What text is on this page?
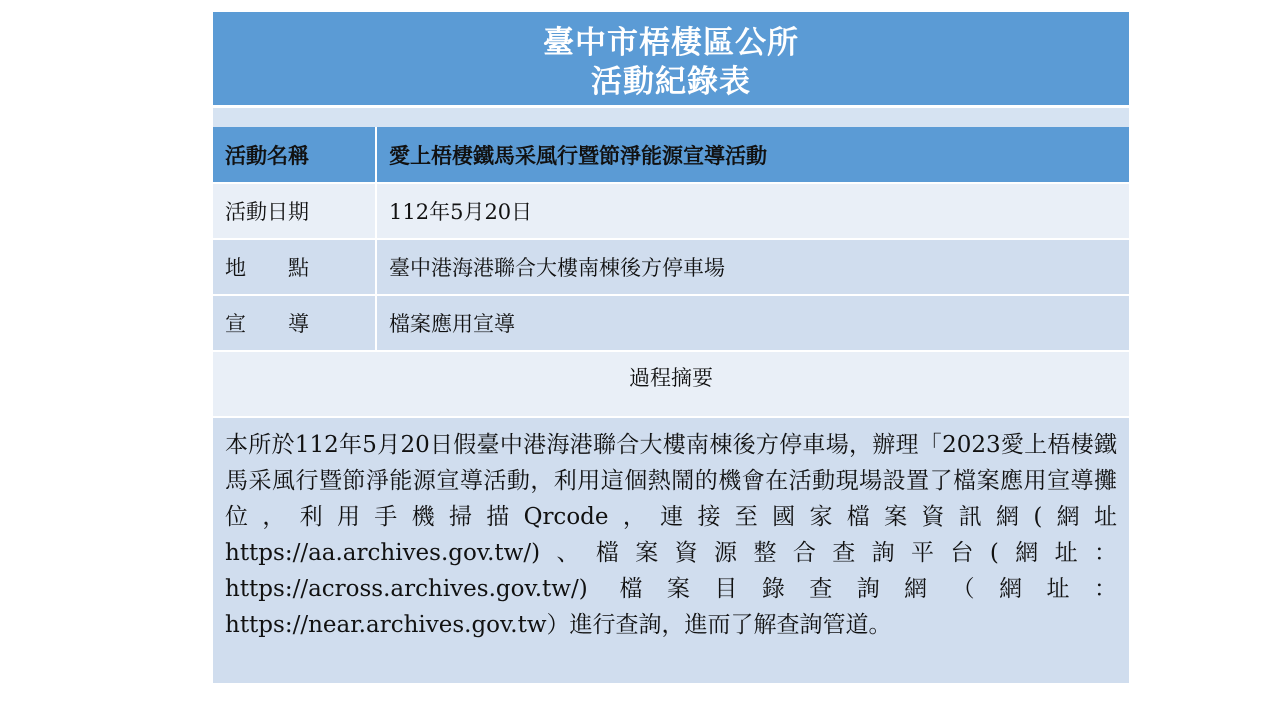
臺中市梧棲區公所
活動紀錄表
活動名稱	愛上梧棲鐵馬采風行暨節淨能源宣導活動
活動日期	112年5月20日
地　　點	臺中港海港聯合大樓南棟後方停車場
宣　　導	檔案應用宣導
過程摘要	
本所於112年5月20日假臺中港海港聯合大樓南棟後方停車場，辦理「2023愛上梧棲鐵馬采風行暨節淨能源宣導活動，利用這個熱鬧的機會在活動現場設置了檔案應用宣導攤位，利用手機掃描Qrcode，連接至國家檔案資訊網(網址https://aa.archives.gov.tw/)、檔案資源整合查詢平台(網址：https://across.archives.gov.tw/) 檔案目錄查詢網（網址：https://near.archives.gov.tw）進行查詢，進而了解查詢管道。	
